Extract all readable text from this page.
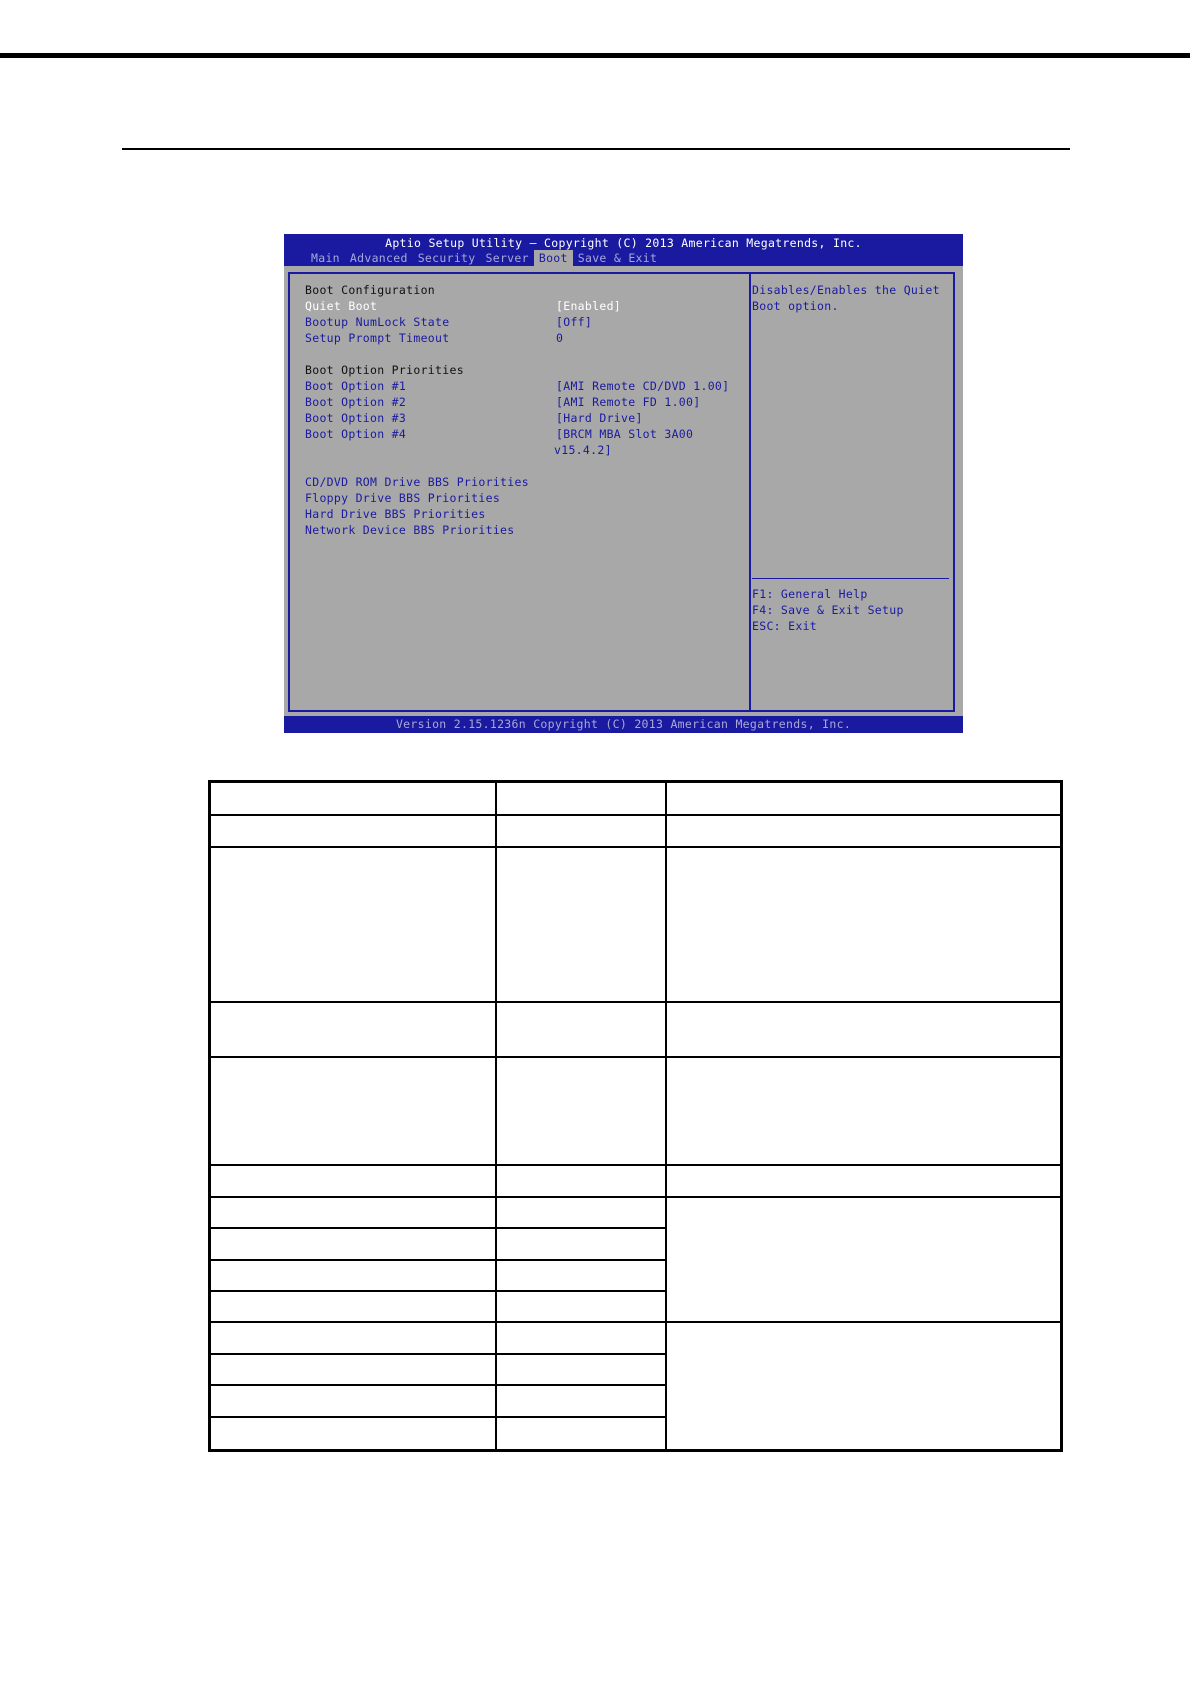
Aptio Setup Utility – Copyright (C) 2013 American Megatrends, Inc.
Main Advanced Security Server Boot Save & Exit

Boot Configuration

Quiet Boot

	[Enabled]

Bootup NumLock State

	[Off]

Setup Prompt Timeout

	0

Boot Option Priorities

Boot Option #1

	[AMI Remote CD/DVD 1.00]

Boot Option #2

	[AMI Remote FD 1.00]

Boot Option #3

	[Hard Drive]

Boot Option #4

	[BRCM MBA Slot 3A00

v15.4.2]

CD/DVD ROM Drive BBS Priorities

Floppy Drive BBS Priorities

Hard Drive BBS Priorities

Network Device BBS Priorities

Disables/Enables the Quiet
Boot option.
F1: General Help
F4: Save & Exit Setup
ESC: Exit
Version 2.15.1236n Copyright (C) 2013 American Megatrends, Inc.
